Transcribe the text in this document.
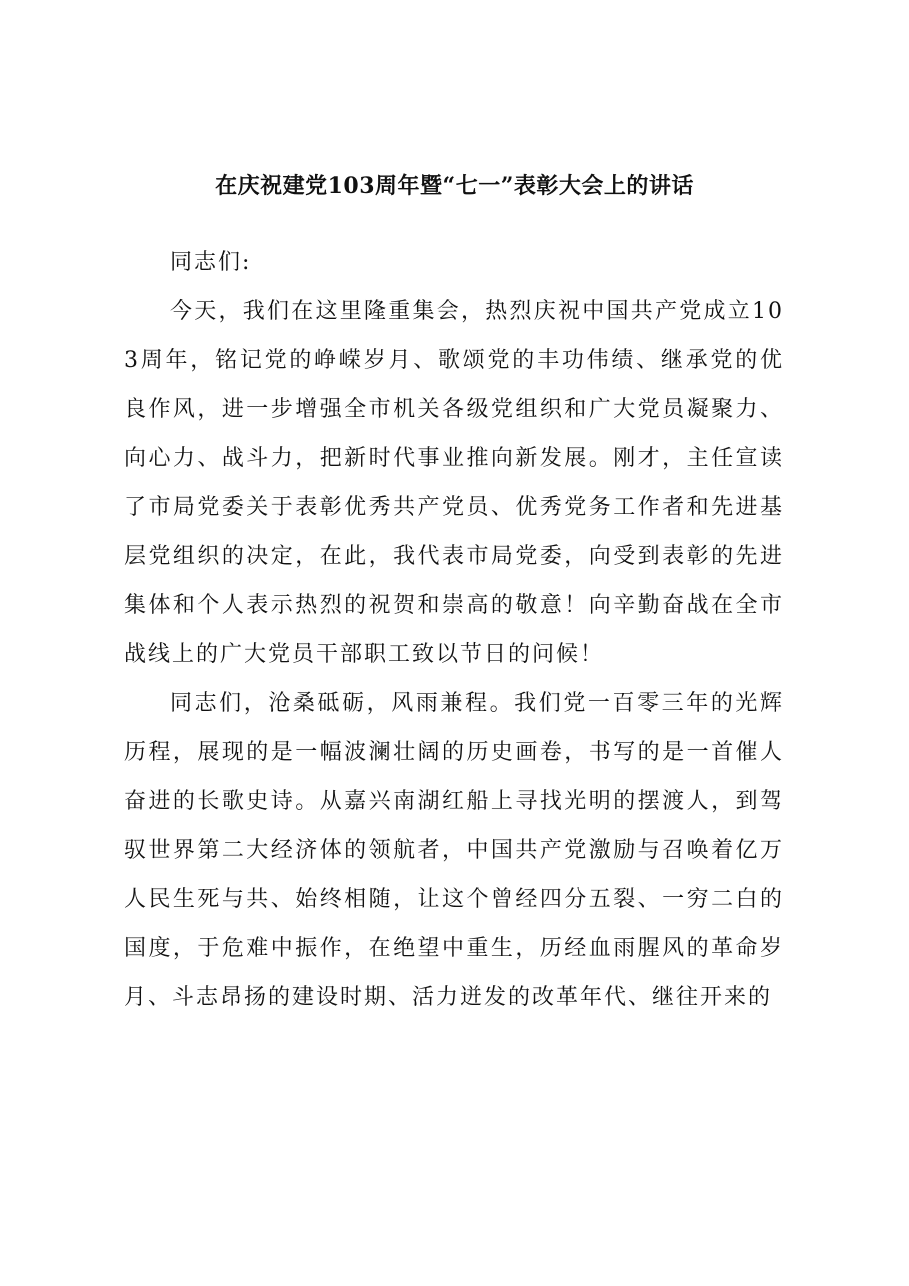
在庆祝建党103周年暨“七一”表彰大会上的讲话

同志们:

今天，我们在这里隆重集会，热烈庆祝中国共产党成立103周年，铭记党的峥嵘岁月、歌颂党的丰功伟绩、继承党的优良作风，进一步增强全市机关各级党组织和广大党员凝聚力、向心力、战斗力，把新时代事业推向新发展。刚才，主任宣读了市局党委关于表彰优秀共产党员、优秀党务工作者和先进基层党组织的决定，在此，我代表市局党委，向受到表彰的先进集体和个人表示热烈的祝贺和崇高的敬意！向辛勤奋战在全市战线上的广大党员干部职工致以节日的问候！

同志们，沧桑砥砺，风雨兼程。我们党一百零三年的光辉历程，展现的是一幅波澜壮阔的历史画卷，书写的是一首催人奋进的长歌史诗。从嘉兴南湖红船上寻找光明的摆渡人，到驾驭世界第二大经济体的领航者，中国共产党激励与召唤着亿万人民生死与共、始终相随，让这个曾经四分五裂、一穷二白的国度，于危难中振作，在绝望中重生，历经血雨腥风的革命岁月、斗志昂扬的建设时期、活力迸发的改革年代、继往开来的
